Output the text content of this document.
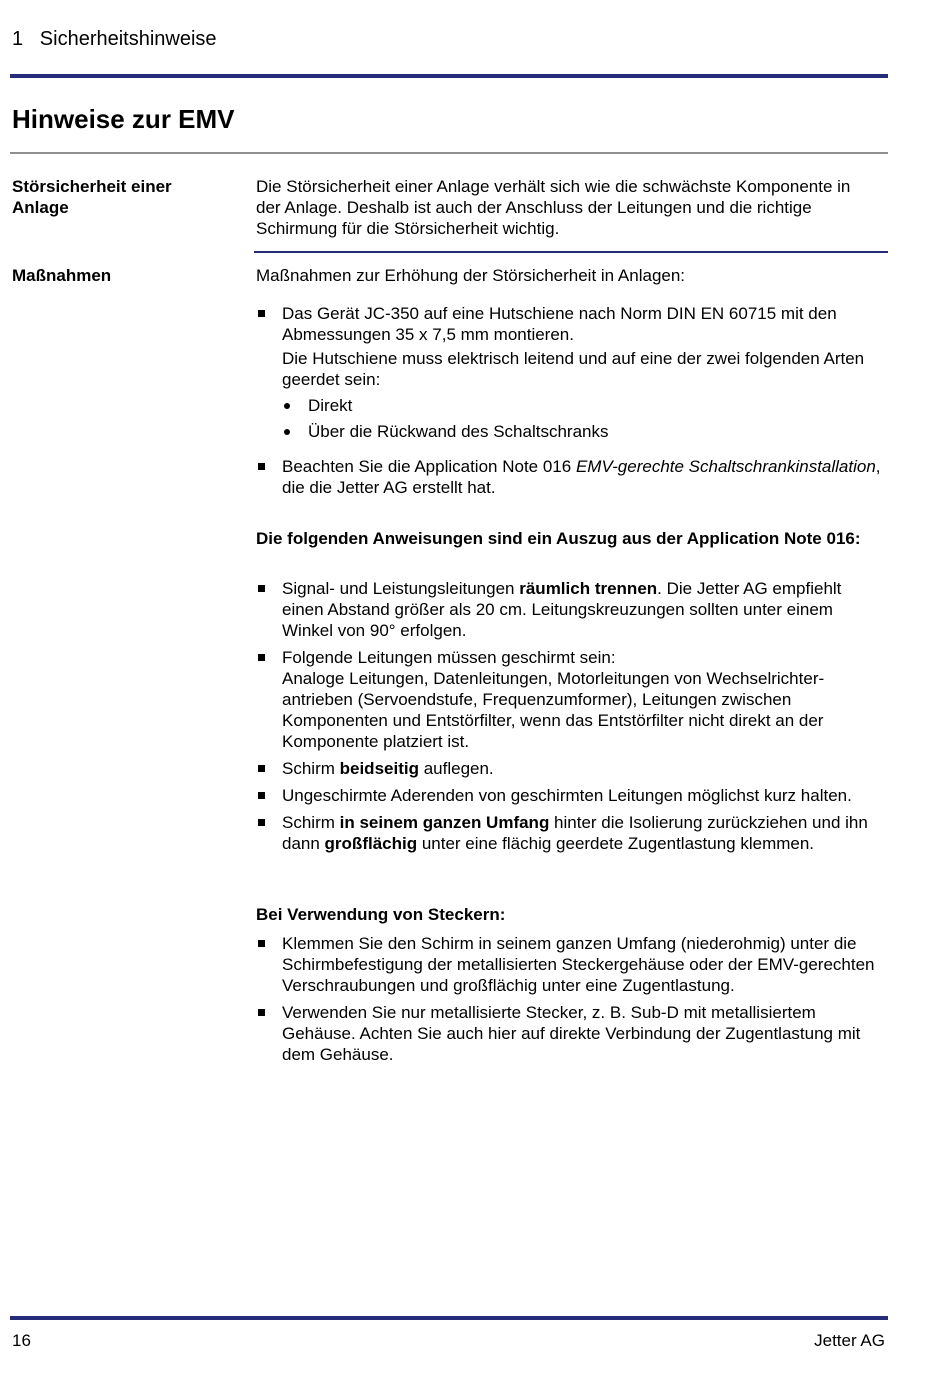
1   Sicherheitshinweise
Hinweise zur EMV
Störsicherheit einer Anlage
Die Störsicherheit einer Anlage verhält sich wie die schwächste Komponente in der Anlage. Deshalb ist auch der Anschluss der Leitungen und die richtige Schirmung für die Störsicherheit wichtig.
Maßnahmen	Maßnahmen zur Erhöhung der Störsicherheit in Anlagen:
Das Gerät JC-350 auf eine Hutschiene nach Norm DIN EN 60715 mit den Abmessungen 35 x 7,5 mm montieren.
Die Hutschiene muss elektrisch leitend und auf eine der zwei folgenden Arten geerdet sein:
Direkt
Über die Rückwand des Schaltschranks
Beachten Sie die Application Note 016 EMV-gerechte Schaltschrankinstallation, die die Jetter AG erstellt hat.
Die folgenden Anweisungen sind ein Auszug aus der Application Note 016:
Signal- und Leistungsleitungen räumlich trennen. Die Jetter AG empfiehlt einen Abstand größer als 20 cm. Leitungskreuzungen sollten unter einem Winkel von 90° erfolgen.
Folgende Leitungen müssen geschirmt sein:
Analoge Leitungen, Datenleitungen, Motorleitungen von Wechselrichter-antrieben (Servoendstufe, Frequenzumformer), Leitungen zwischen Komponenten und Entstörfilter, wenn das Entstörfilter nicht direkt an der Komponente platziert ist.
Schirm beidseitig auflegen.
Ungeschirmte Aderenden von geschirmten Leitungen möglichst kurz halten.
Schirm in seinem ganzen Umfang hinter die Isolierung zurückziehen und ihn dann großflächig unter eine flächig geerdete Zugentlastung klemmen.
Bei Verwendung von Steckern:
Klemmen Sie den Schirm in seinem ganzen Umfang (niederohmig) unter die Schirmbefestigung der metallisierten Steckergehäuse oder der EMV-gerechten Verschraubungen und großflächig unter eine Zugentlastung.
Verwenden Sie nur metallisierte Stecker, z. B. Sub-D mit metallisiertem Gehäuse. Achten Sie auch hier auf direkte Verbindung der Zugentlastung mit dem Gehäuse.
16	Jetter AG
